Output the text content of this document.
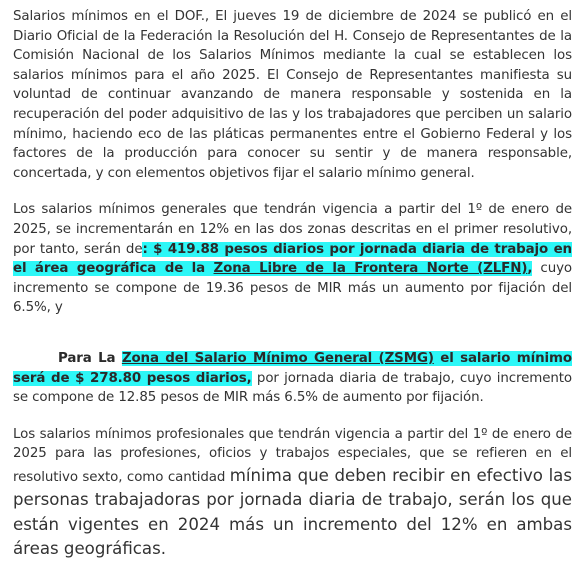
Salarios mínimos en el DOF., El jueves 19 de diciembre de 2024 se publicó en el Diario Oficial de la Federación la Resolución del H. Consejo de Representantes de la Comisión Nacional de los Salarios Mínimos mediante la cual se establecen los salarios mínimos para el año 2025. El Consejo de Representantes manifiesta su voluntad de continuar avanzando de manera responsable y sostenida en la recuperación del poder adquisitivo de las y los trabajadores que perciben un salario mínimo, haciendo eco de las pláticas permanentes entre el Gobierno Federal y los factores de la producción para conocer su sentir y de manera responsable, concertada, y con elementos objetivos fijar el salario mínimo general.

Los salarios mínimos generales que tendrán vigencia a partir del 1º de enero de 2025, se incrementarán en 12% en las dos zonas descritas en el primer resolutivo, por tanto, serán de: $ 419.88 pesos diarios por jornada diaria de trabajo en el área geográfica de la Zona Libre de la Frontera Norte (ZLFN), cuyo incremento se compone de 19.36 pesos de MIR más un aumento por fijación del 6.5%, y

Para La Zona del Salario Mínimo General (ZSMG) el salario mínimo será de $ 278.80 pesos diarios, por jornada diaria de trabajo, cuyo incremento se compone de 12.85 pesos de MIR más 6.5% de aumento por fijación.

Los salarios mínimos profesionales que tendrán vigencia a partir del 1º de enero de 2025 para las profesiones, oficios y trabajos especiales, que se refieren en el resolutivo sexto, como cantidad mínima que deben recibir en efectivo las personas trabajadoras por jornada diaria de trabajo, serán los que están vigentes en 2024 más un incremento del 12% en ambas áreas geográficas.
